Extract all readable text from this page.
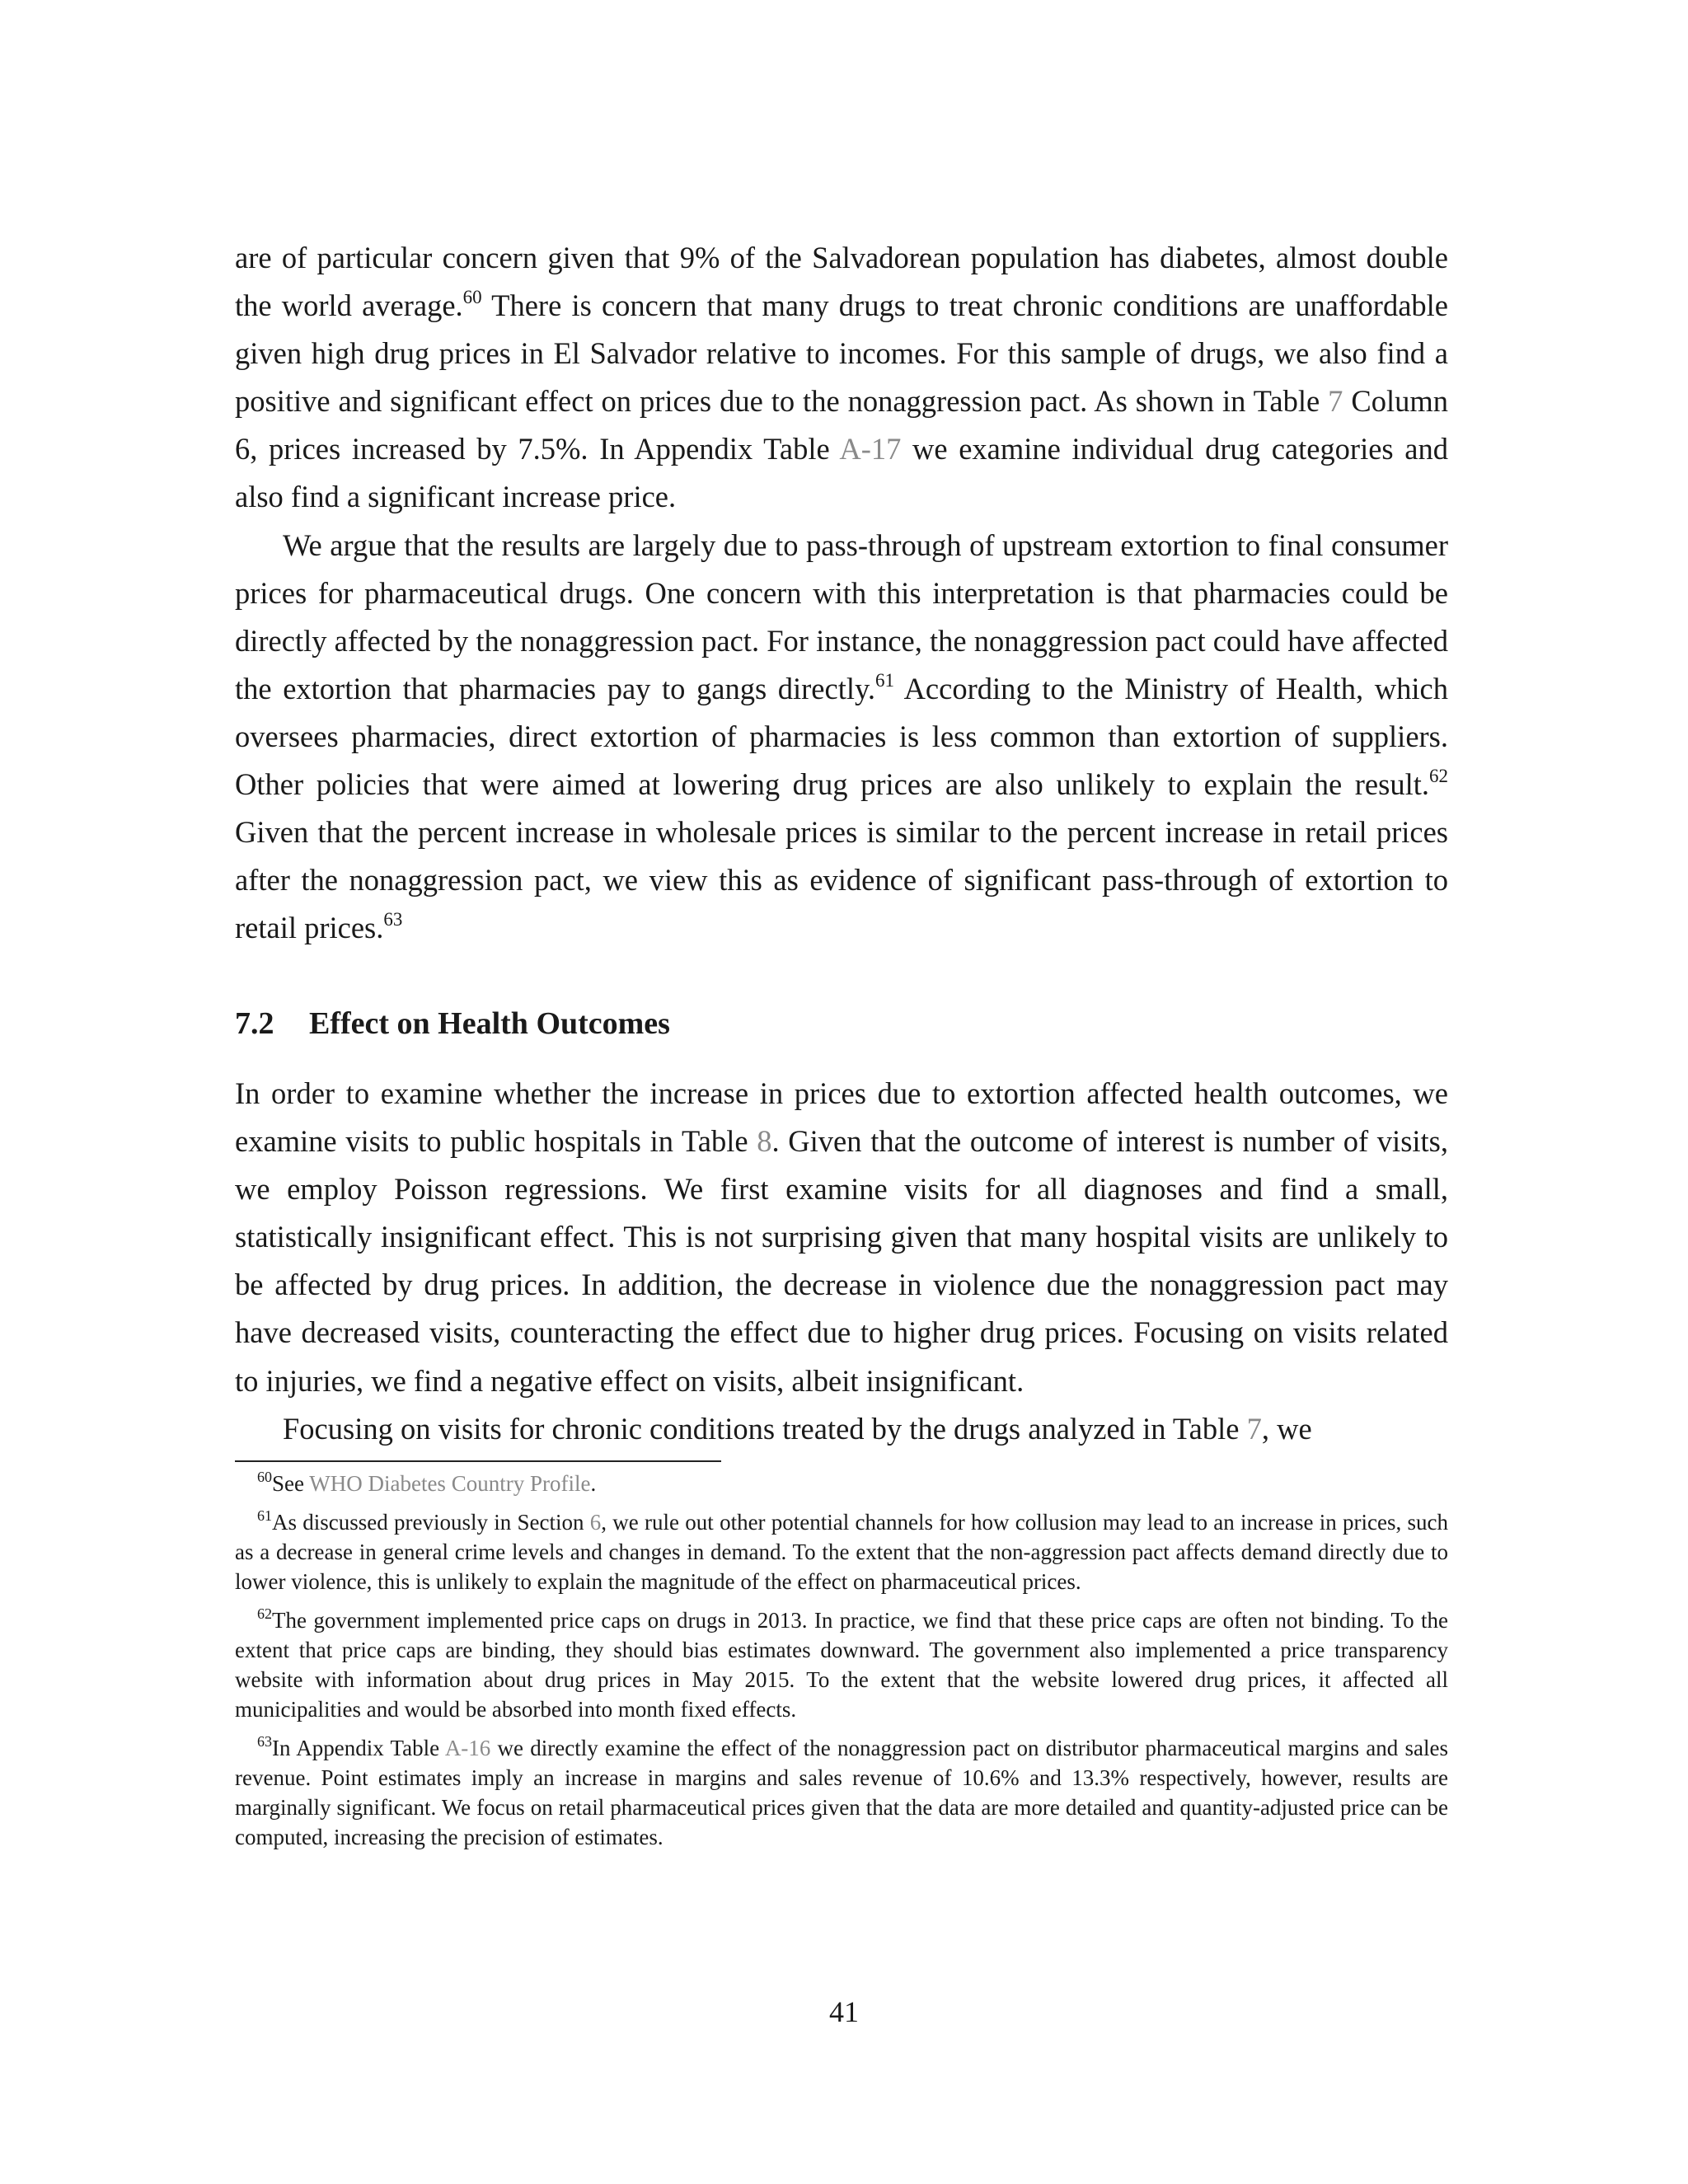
are of particular concern given that 9% of the Salvadorean population has diabetes, almost double the world average.$^{60}$ There is concern that many drugs to treat chronic conditions are unaffordable given high drug prices in El Salvador relative to incomes. For this sample of drugs, we also find a positive and significant effect on prices due to the nonaggression pact. As shown in Table 7 Column 6, prices increased by 7.5%. In Appendix Table A-17 we examine individual drug categories and also find a significant increase price.

We argue that the results are largely due to pass-through of upstream extortion to final consumer prices for pharmaceutical drugs. One concern with this interpretation is that pharmacies could be directly affected by the nonaggression pact. For instance, the nonaggression pact could have affected the extortion that pharmacies pay to gangs directly.$^{61}$ According to the Ministry of Health, which oversees pharmacies, direct extortion of pharmacies is less common than extortion of suppliers. Other policies that were aimed at lowering drug prices are also unlikely to explain the result.$^{62}$ Given that the percent increase in wholesale prices is similar to the percent increase in retail prices after the nonaggression pact, we view this as evidence of significant pass-through of extortion to retail prices.$^{63}$

7.2 Effect on Health Outcomes

In order to examine whether the increase in prices due to extortion affected health outcomes, we examine visits to public hospitals in Table 8. Given that the outcome of interest is number of visits, we employ Poisson regressions. We first examine visits for all diagnoses and find a small, statistically insignificant effect. This is not surprising given that many hospital visits are unlikely to be affected by drug prices. In addition, the decrease in violence due the nonaggression pact may have decreased visits, counteracting the effect due to higher drug prices. Focusing on visits related to injuries, we find a negative effect on visits, albeit insignificant.

Focusing on visits for chronic conditions treated by the drugs analyzed in Table 7, we

$^{60}$See WHO Diabetes Country Profile.

$^{61}$As discussed previously in Section 6, we rule out other potential channels for how collusion may lead to an increase in prices, such as a decrease in general crime levels and changes in demand. To the extent that the non-aggression pact affects demand directly due to lower violence, this is unlikely to explain the magnitude of the effect on pharmaceutical prices.

$^{62}$The government implemented price caps on drugs in 2013. In practice, we find that these price caps are often not binding. To the extent that price caps are binding, they should bias estimates downward. The government also implemented a price transparency website with information about drug prices in May 2015. To the extent that the website lowered drug prices, it affected all municipalities and would be absorbed into month fixed effects.

$^{63}$In Appendix Table A-16 we directly examine the effect of the nonaggression pact on distributor pharmaceutical margins and sales revenue. Point estimates imply an increase in margins and sales revenue of 10.6% and 13.3% respectively, however, results are marginally significant. We focus on retail pharmaceutical prices given that the data are more detailed and quantity-adjusted price can be computed, increasing the precision of estimates.

41
